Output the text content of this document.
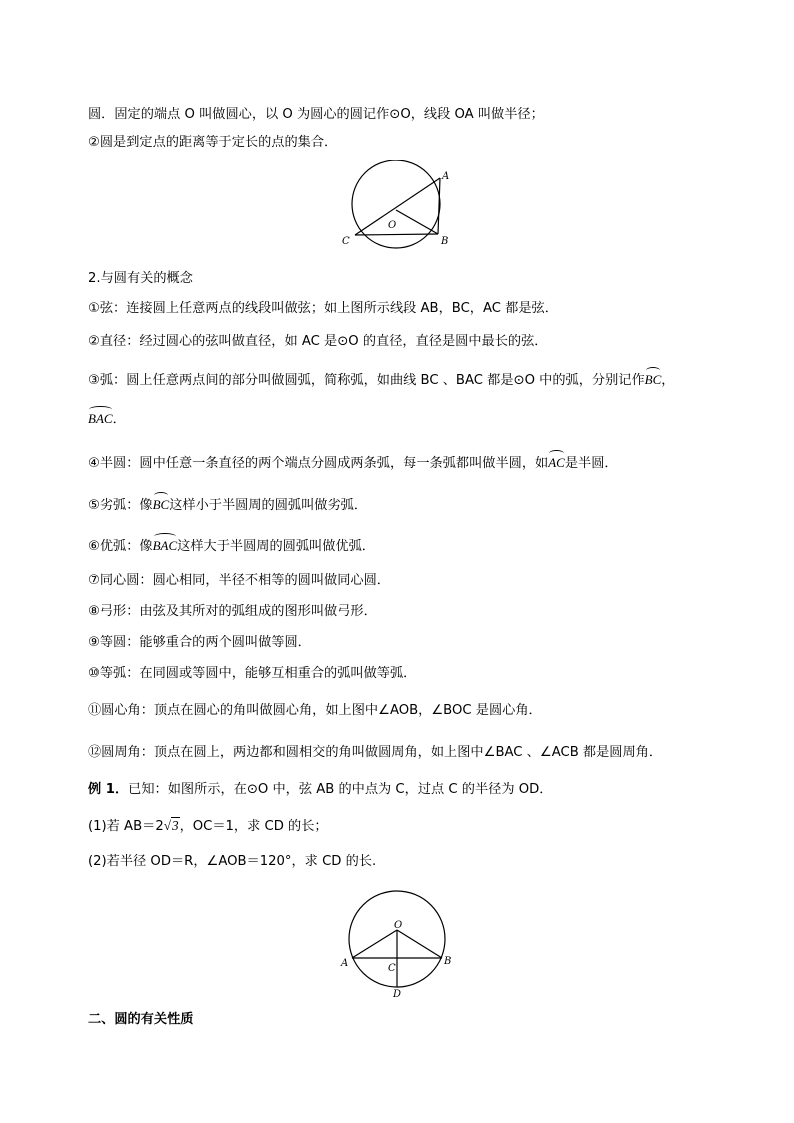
圆．固定的端点 O 叫做圆心，以 O 为圆心的圆记作⊙O，线段 OA 叫做半径；
②圆是到定点的距离等于定长的点的集合．
A
B
C
O
2.与圆有关的概念
①弦：连接圆上任意两点的线段叫做弦；如上图所示线段 AB，BC，AC 都是弦．
②直径：经过圆心的弦叫做直径，如 AC 是⊙O 的直径，直径是圆中最长的弦．
③弧：圆上任意两点间的部分叫做圆弧，简称弧，如曲线 BC 、BAC 都是⊙O 中的弧，分别记作BC，
BAC．
④半圆：圆中任意一条直径的两个端点分圆成两条弧，每一条弧都叫做半圆，如AC是半圆．
⑤劣弧：像BC这样小于半圆周的圆弧叫做劣弧．
⑥优弧：像BAC这样大于半圆周的圆弧叫做优弧．
⑦同心圆：圆心相同，半径不相等的圆叫做同心圆．
⑧弓形：由弦及其所对的弧组成的图形叫做弓形．
⑨等圆：能够重合的两个圆叫做等圆．
⑩等弧：在同圆或等圆中，能够互相重合的弧叫做等弧．
⑪圆心角：顶点在圆心的角叫做圆心角，如上图中∠AOB，∠BOC 是圆心角．
⑫圆周角：顶点在圆上，两边都和圆相交的角叫做圆周角，如上图中∠BAC 、∠ACB 都是圆周角．
例 1．已知：如图所示，在⊙O 中，弦 AB 的中点为 C，过点 C 的半径为 OD．
(1)若 AB＝2√3，OC＝1，求 CD 的长；
(2)若半径 OD＝R，∠AOB＝120°，求 CD 的长.
O
A	B
C
D
二、圆的有关性质
